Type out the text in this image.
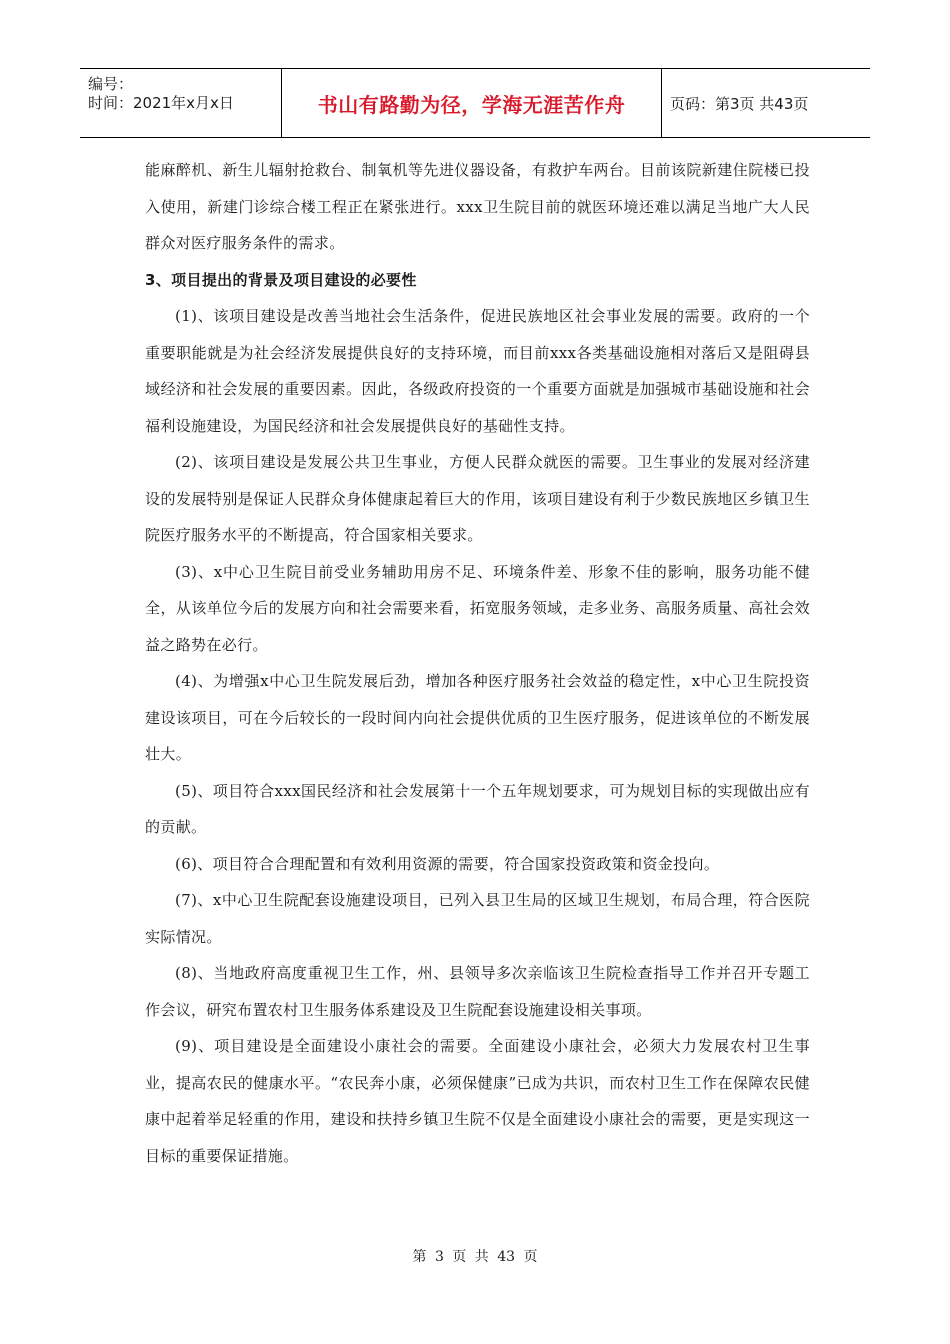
编号：
时间：2021年x月x日	书山有路勤为径，学海无涯苦作舟	页码：第3页 共43页

能麻醉机、新生儿辐射抢救台、制氧机等先进仪器设备，有救护车两台。目前该院新建住院楼已投入使用，新建门诊综合楼工程正在紧张进行。xxx卫生院目前的就医环境还难以满足当地广大人民群众对医疗服务条件的需求。

3、项目提出的背景及项目建设的必要性

(1)、该项目建设是改善当地社会生活条件，促进民族地区社会事业发展的需要。政府的一个重要职能就是为社会经济发展提供良好的支持环境，而目前xxx各类基础设施相对落后又是阻碍县域经济和社会发展的重要因素。因此，各级政府投资的一个重要方面就是加强城市基础设施和社会福利设施建设，为国民经济和社会发展提供良好的基础性支持。

(2)、该项目建设是发展公共卫生事业，方便人民群众就医的需要。卫生事业的发展对经济建设的发展特别是保证人民群众身体健康起着巨大的作用，该项目建设有利于少数民族地区乡镇卫生院医疗服务水平的不断提高，符合国家相关要求。

(3)、x中心卫生院目前受业务辅助用房不足、环境条件差、形象不佳的影响，服务功能不健全，从该单位今后的发展方向和社会需要来看，拓宽服务领域，走多业务、高服务质量、高社会效益之路势在必行。

(4)、为增强x中心卫生院发展后劲，增加各种医疗服务社会效益的稳定性，x中心卫生院投资建设该项目，可在今后较长的一段时间内向社会提供优质的卫生医疗服务，促进该单位的不断发展壮大。

(5)、项目符合xxx国民经济和社会发展第十一个五年规划要求，可为规划目标的实现做出应有的贡献。

(6)、项目符合合理配置和有效利用资源的需要，符合国家投资政策和资金投向。

(7)、x中心卫生院配套设施建设项目，已列入县卫生局的区域卫生规划，布局合理，符合医院实际情况。

(8)、当地政府高度重视卫生工作，州、县领导多次亲临该卫生院检查指导工作并召开专题工作会议，研究布置农村卫生服务体系建设及卫生院配套设施建设相关事项。

(9)、项目建设是全面建设小康社会的需要。全面建设小康社会，必须大力发展农村卫生事业，提高农民的健康水平。“农民奔小康，必须保健康”已成为共识，而农村卫生工作在保障农民健康中起着举足轻重的作用，建设和扶持乡镇卫生院不仅是全面建设小康社会的需要，更是实现这一目标的重要保证措施。

第 3 页 共 43 页
